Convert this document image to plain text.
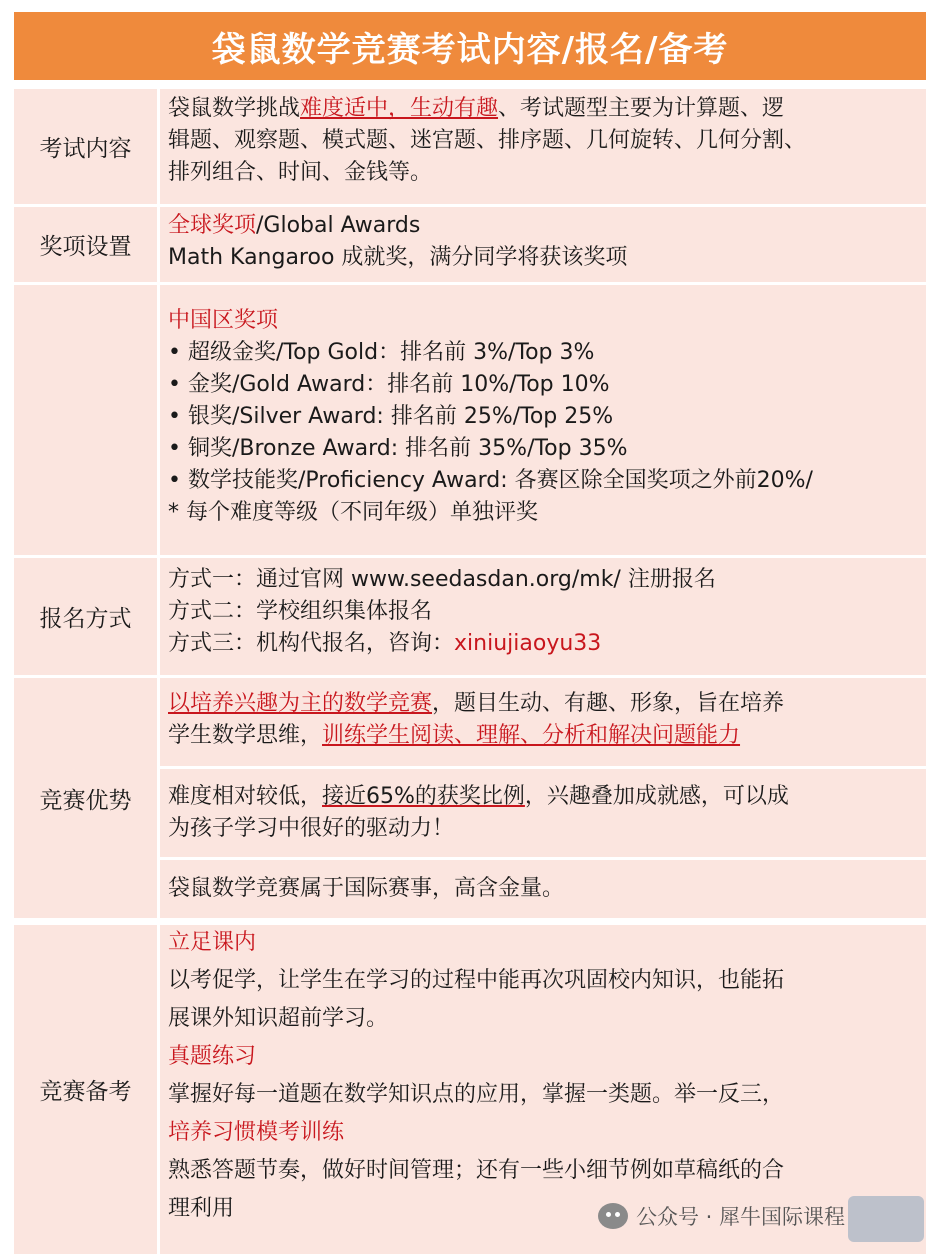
袋鼠数学竞赛考试内容/报名/备考
考试内容
袋鼠数学挑战难度适中，生动有趣、考试题型主要为计算题、逻
辑题、观察题、模式题、迷宫题、排序题、几何旋转、几何分割、
排列组合、时间、金钱等。
奖项设置
全球奖项/Global Awards
Math Kangaroo 成就奖，满分同学将获该奖项
中国区奖项
• 超级金奖/Top Gold：排名前 3%/Top 3%
• 金奖/Gold Award：排名前 10%/Top 10%
• 银奖/Silver Award: 排名前 25%/Top 25%
• 铜奖/Bronze Award: 排名前 35%/Top 35%
• 数学技能奖/Proficiency Award: 各赛区除全国奖项之外前20%/
* 每个难度等级（不同年级）单独评奖
报名方式
方式一：通过官网 www.seedasdan.org/mk/ 注册报名
方式二：学校组织集体报名
方式三：机构代报名，咨询：xiniujiaoyu33
竞赛优势
以培养兴趣为主的数学竞赛，题目生动、有趣、形象，旨在培养
学生数学思维，训练学生阅读、理解、分析和解决问题能力
难度相对较低，接近65%的获奖比例，兴趣叠加成就感，可以成
为孩子学习中很好的驱动力！
袋鼠数学竞赛属于国际赛事，高含金量。
竞赛备考
立足课内
以考促学，让学生在学习的过程中能再次巩固校内知识，也能拓
展课外知识超前学习。
真题练习
掌握好每一道题在数学知识点的应用，掌握一类题。举一反三，
培养习惯模考训练
熟悉答题节奏，做好时间管理；还有一些小细节例如草稿纸的合
理利用	公众号 · 犀牛国际课程
